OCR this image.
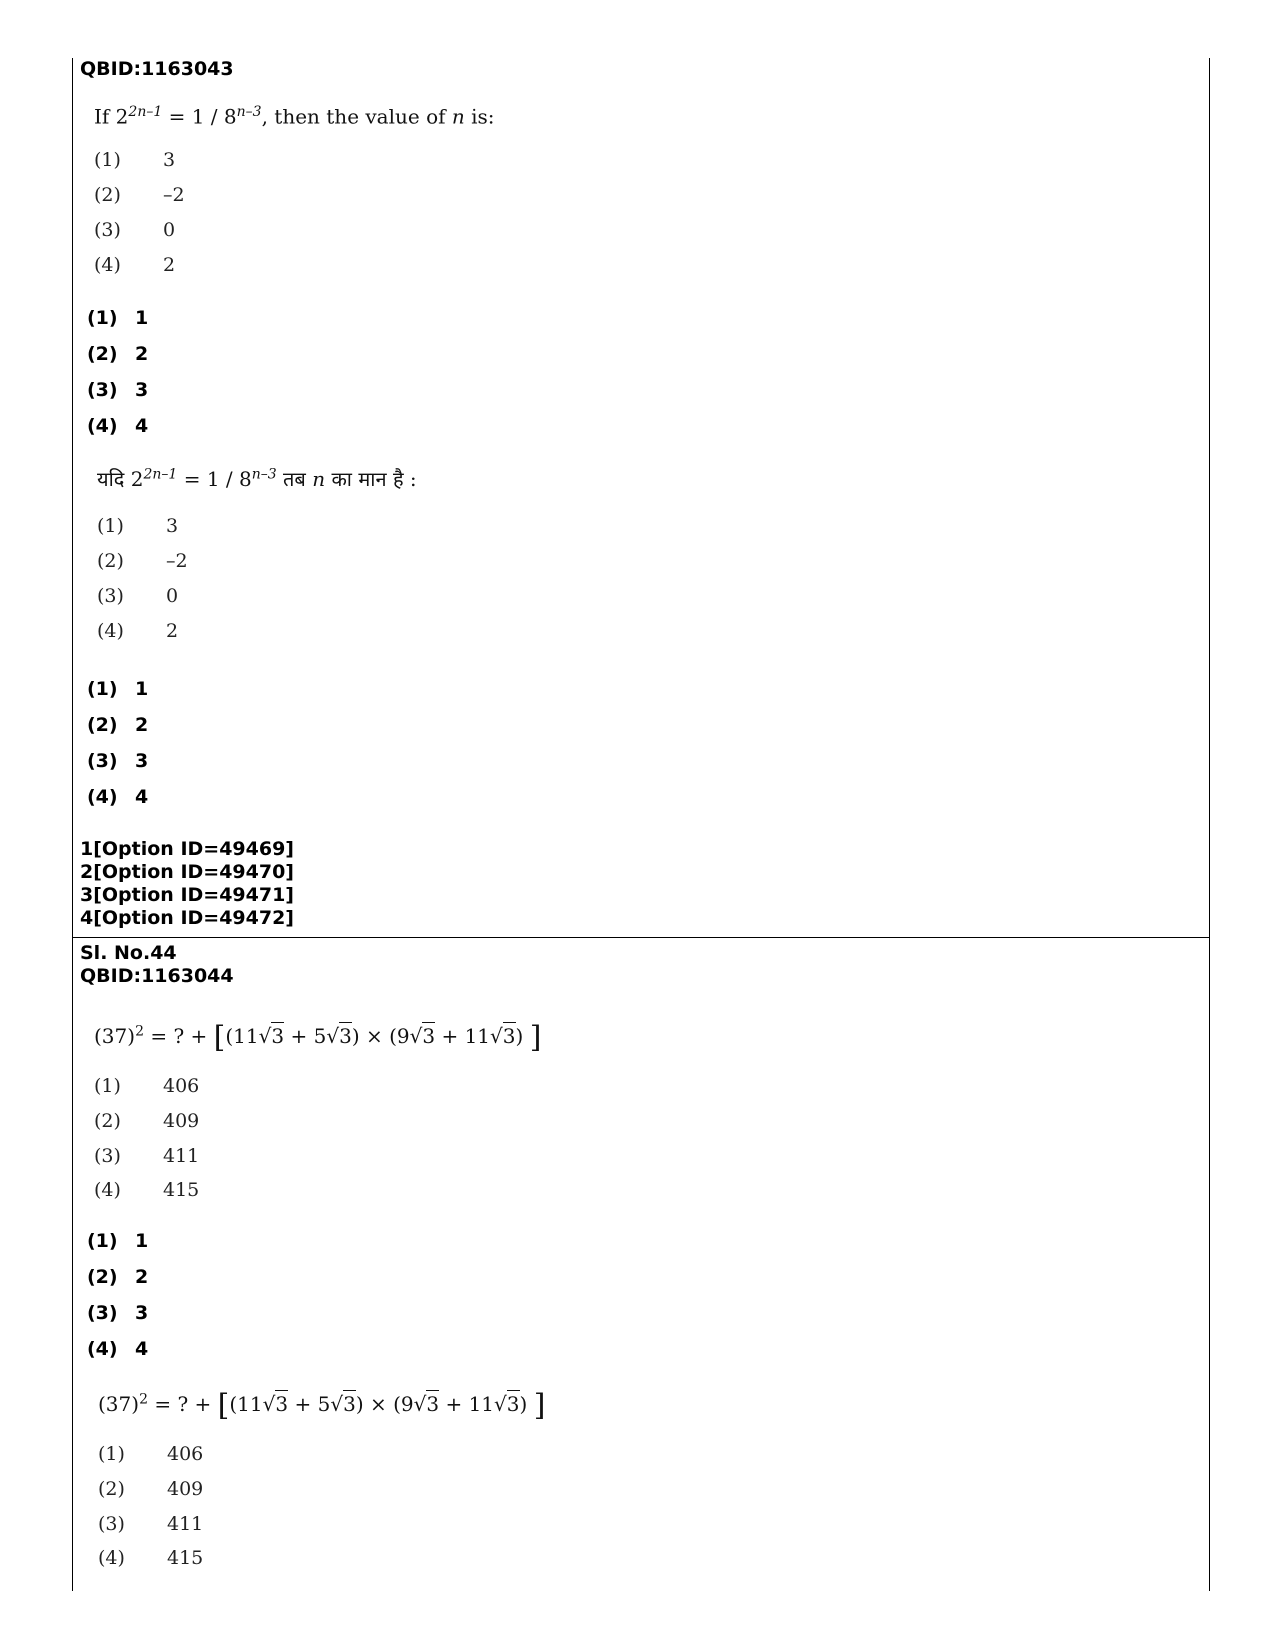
QBID:1163043
If $2^{2n-1} = 1 / 8^{n-3}$, then the value of n is:
(1) 3
(2) –2
(3) 0
(4) 2
(1) 1
(2) 2
(3) 3
(4) 4
यदि $2^{2n-1} = 1 / 8^{n-3}$ तब n का मान है :
(1) 3
(2) –2
(3) 0
(4) 2
(1) 1
(2) 2
(3) 3
(4) 4
1[Option ID=49469]
2[Option ID=49470]
3[Option ID=49471]
4[Option ID=49472]
Sl. No.44
QBID:1163044
$(37)^2$ = ? + [(11√3 + 5√3) × (9√3 + 11√3) ]
(1) 406
(2) 409
(3) 411
(4) 415
(1) 1
(2) 2
(3) 3
(4) 4
$(37)^2$ = ? + [(11√3 + 5√3) × (9√3 + 11√3) ]
(1) 406
(2) 409
(3) 411
(4) 415
